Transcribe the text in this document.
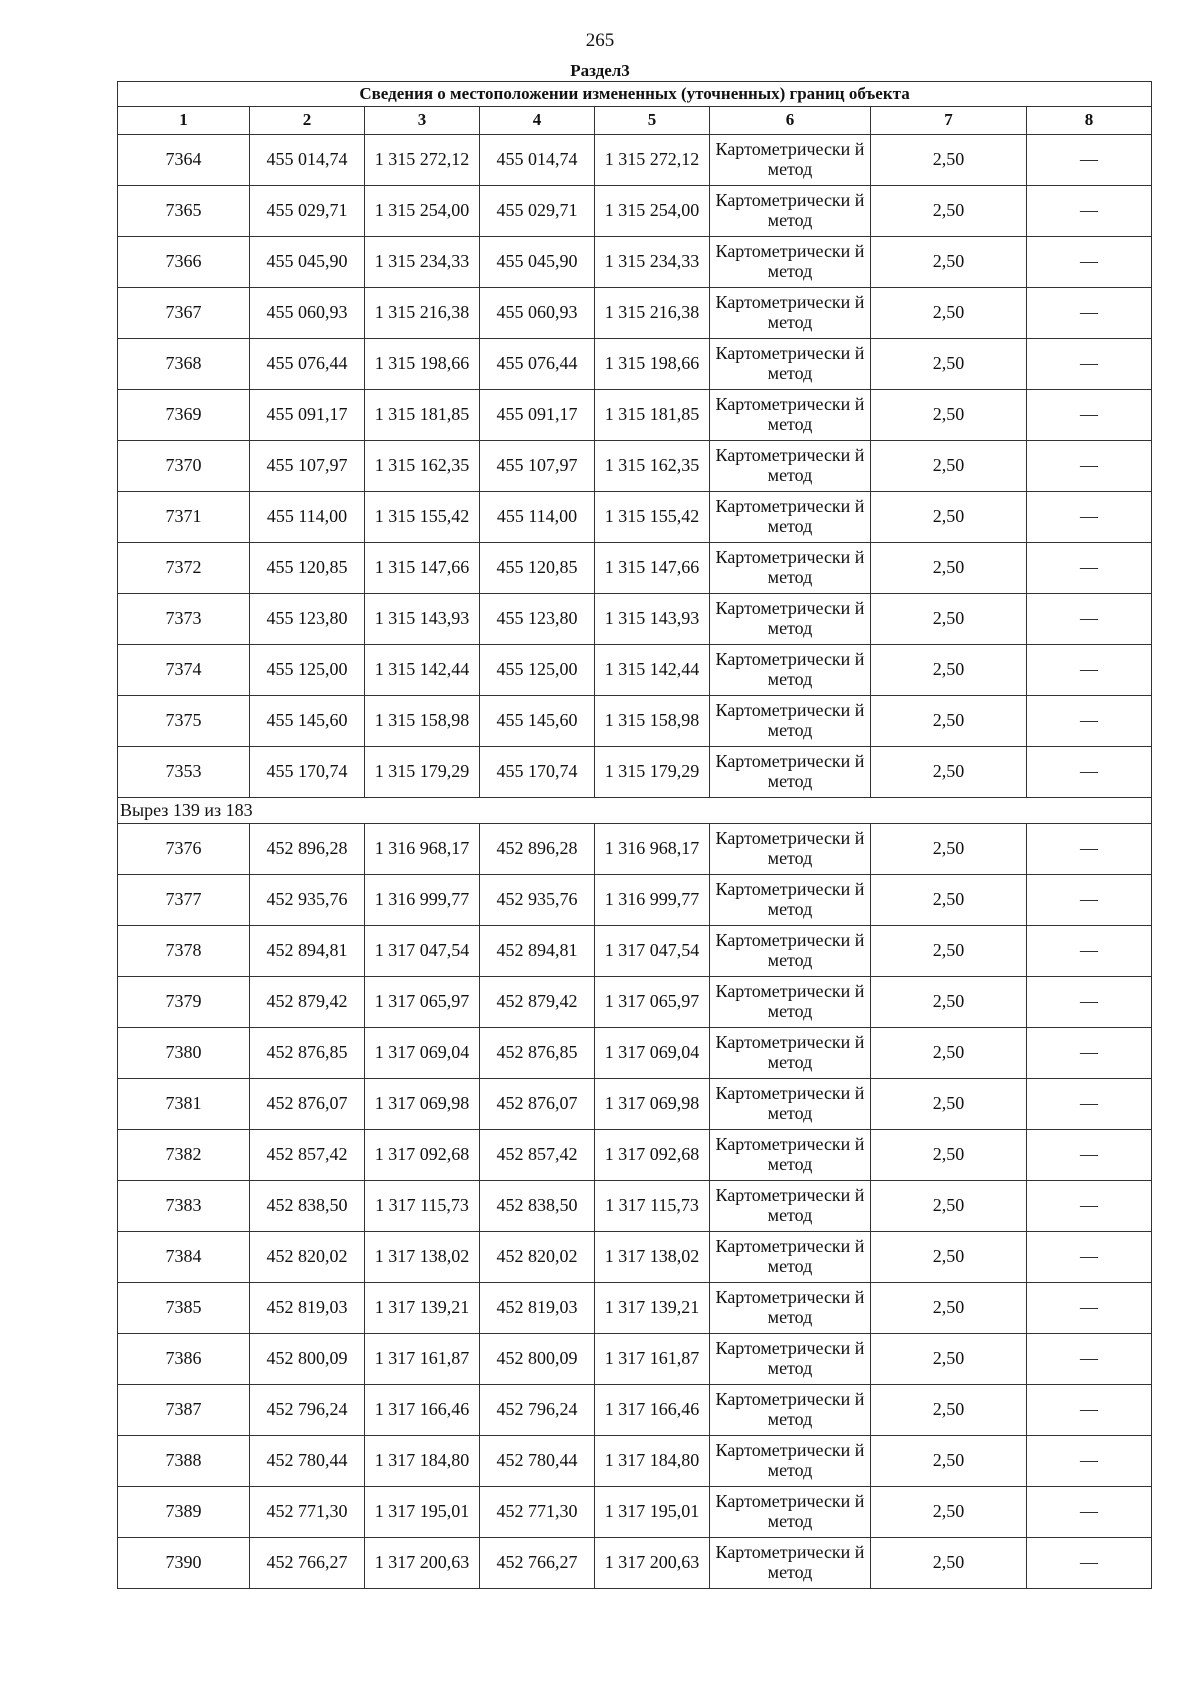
265
Раздел3
Сведения о местоположении измененных (уточненных) границ объекта							
1	2	3	4	5	6	7	8
7364	455 014,74	1 315 272,12	455 014,74	1 315 272,12	Картометрически й метод	2,50	—
7365	455 029,71	1 315 254,00	455 029,71	1 315 254,00	Картометрически й метод	2,50	—
7366	455 045,90	1 315 234,33	455 045,90	1 315 234,33	Картометрически й метод	2,50	—
7367	455 060,93	1 315 216,38	455 060,93	1 315 216,38	Картометрически й метод	2,50	—
7368	455 076,44	1 315 198,66	455 076,44	1 315 198,66	Картометрически й метод	2,50	—
7369	455 091,17	1 315 181,85	455 091,17	1 315 181,85	Картометрически й метод	2,50	—
7370	455 107,97	1 315 162,35	455 107,97	1 315 162,35	Картометрически й метод	2,50	—
7371	455 114,00	1 315 155,42	455 114,00	1 315 155,42	Картометрически й метод	2,50	—
7372	455 120,85	1 315 147,66	455 120,85	1 315 147,66	Картометрически й метод	2,50	—
7373	455 123,80	1 315 143,93	455 123,80	1 315 143,93	Картометрически й метод	2,50	—
7374	455 125,00	1 315 142,44	455 125,00	1 315 142,44	Картометрически й метод	2,50	—
7375	455 145,60	1 315 158,98	455 145,60	1 315 158,98	Картометрически й метод	2,50	—
7353	455 170,74	1 315 179,29	455 170,74	1 315 179,29	Картометрически й метод	2,50	—
Вырез 139 из 183							
7376	452 896,28	1 316 968,17	452 896,28	1 316 968,17	Картометрически й метод	2,50	—
7377	452 935,76	1 316 999,77	452 935,76	1 316 999,77	Картометрически й метод	2,50	—
7378	452 894,81	1 317 047,54	452 894,81	1 317 047,54	Картометрически й метод	2,50	—
7379	452 879,42	1 317 065,97	452 879,42	1 317 065,97	Картометрически й метод	2,50	—
7380	452 876,85	1 317 069,04	452 876,85	1 317 069,04	Картометрически й метод	2,50	—
7381	452 876,07	1 317 069,98	452 876,07	1 317 069,98	Картометрически й метод	2,50	—
7382	452 857,42	1 317 092,68	452 857,42	1 317 092,68	Картометрически й метод	2,50	—
7383	452 838,50	1 317 115,73	452 838,50	1 317 115,73	Картометрически й метод	2,50	—
7384	452 820,02	1 317 138,02	452 820,02	1 317 138,02	Картометрически й метод	2,50	—
7385	452 819,03	1 317 139,21	452 819,03	1 317 139,21	Картометрически й метод	2,50	—
7386	452 800,09	1 317 161,87	452 800,09	1 317 161,87	Картометрически й метод	2,50	—
7387	452 796,24	1 317 166,46	452 796,24	1 317 166,46	Картометрически й метод	2,50	—
7388	452 780,44	1 317 184,80	452 780,44	1 317 184,80	Картометрически й метод	2,50	—
7389	452 771,30	1 317 195,01	452 771,30	1 317 195,01	Картометрически й метод	2,50	—
7390	452 766,27	1 317 200,63	452 766,27	1 317 200,63	Картометрически й метод	2,50	—
